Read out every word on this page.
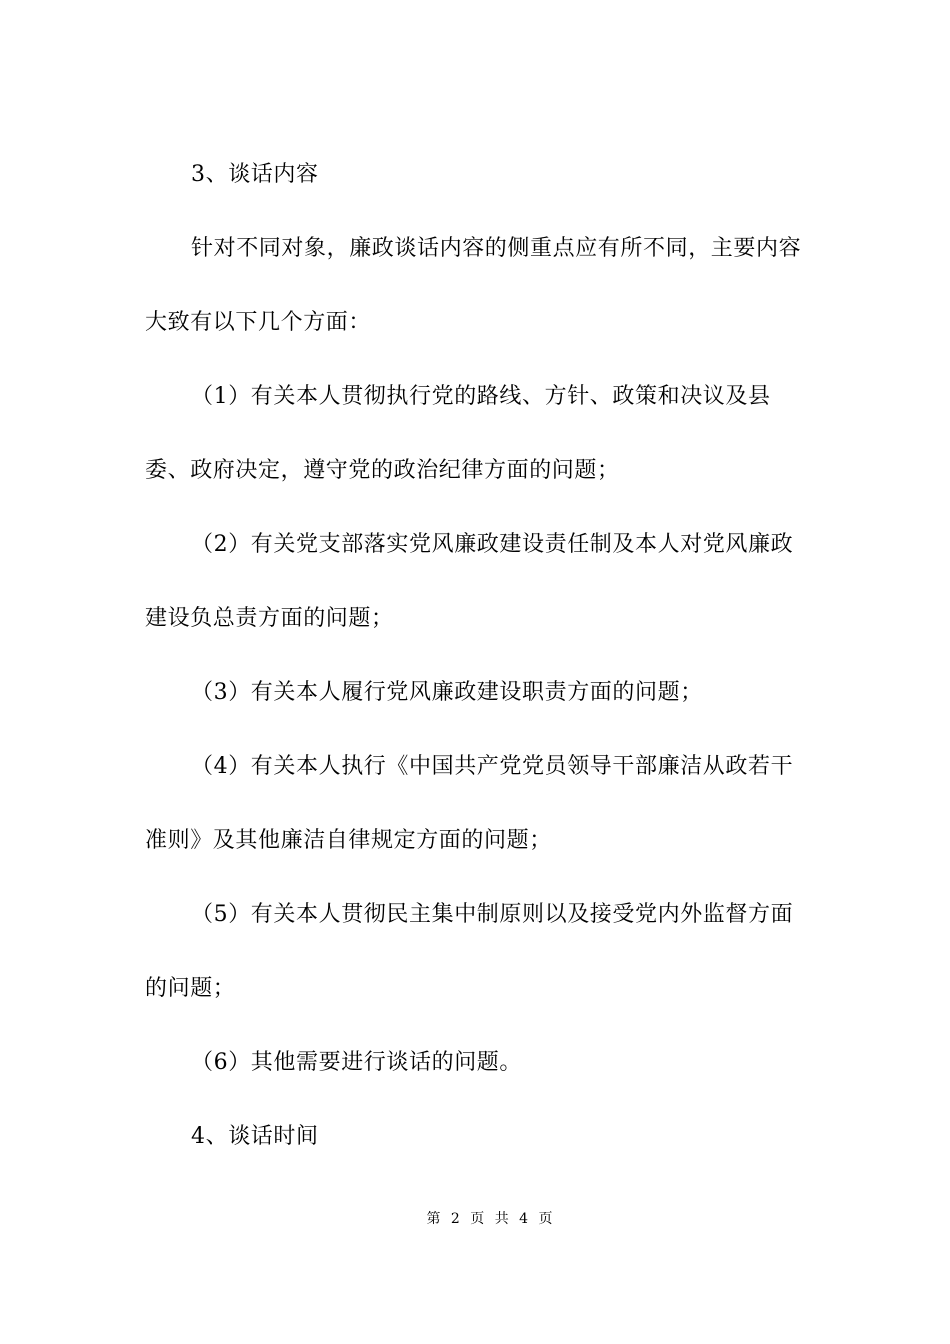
3、谈话内容

针对不同对象，廉政谈话内容的侧重点应有所不同，主要内容大致有以下几个方面：

（1）有关本人贯彻执行党的路线、方针、政策和决议及县委、政府决定，遵守党的政治纪律方面的问题；

（2）有关党支部落实党风廉政建设责任制及本人对党风廉政建设负总责方面的问题；

（3）有关本人履行党风廉政建设职责方面的问题；

（4）有关本人执行《中国共产党党员领导干部廉洁从政若干准则》及其他廉洁自律规定方面的问题；

（5）有关本人贯彻民主集中制原则以及接受党内外监督方面的问题；

（6）其他需要进行谈话的问题。

4、谈话时间

第 2 页 共 4 页
